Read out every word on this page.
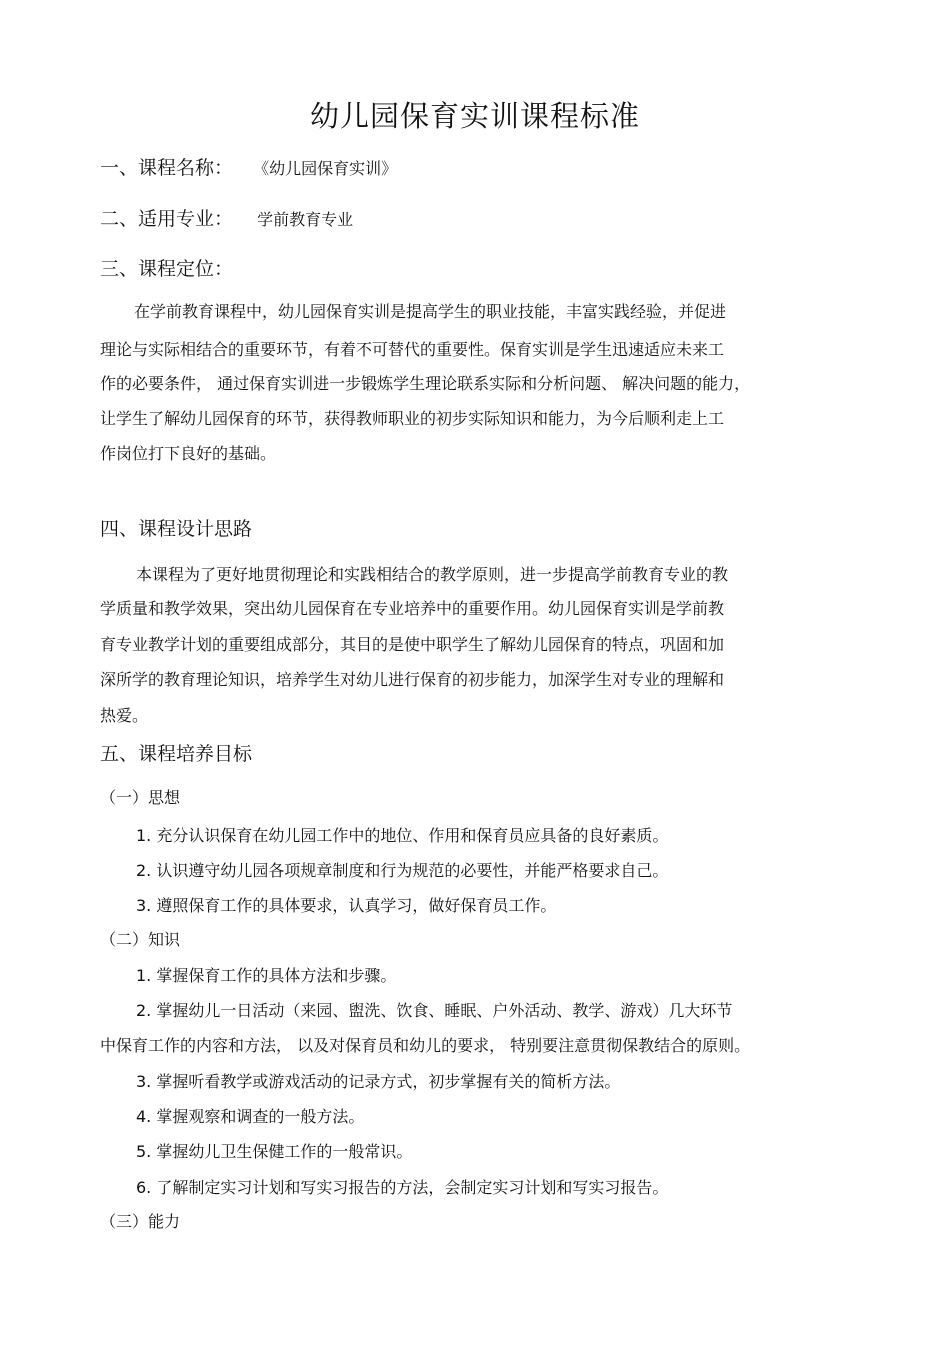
幼儿园保育实训课程标准
一、课程名称： 《幼儿园保育实训》
二、适用专业： 学前教育专业
三、课程定位：
在学前教育课程中，幼儿园保育实训是提高学生的职业技能，丰富实践经验，并促进
理论与实际相结合的重要环节，有着不可替代的重要性。保育实训是学生迅速适应未来工
作的必要条件， 通过保育实训进一步锻炼学生理论联系实际和分析问题、 解决问题的能力，
让学生了解幼儿园保育的环节，获得教师职业的初步实际知识和能力，为今后顺利走上工
作岗位打下良好的基础。
四、课程设计思路
本课程为了更好地贯彻理论和实践相结合的教学原则，进一步提高学前教育专业的教
学质量和教学效果，突出幼儿园保育在专业培养中的重要作用。幼儿园保育实训是学前教
育专业教学计划的重要组成部分，其目的是使中职学生了解幼儿园保育的特点，巩固和加
深所学的教育理论知识，培养学生对幼儿进行保育的初步能力，加深学生对专业的理解和
热爱。
五、课程培养目标
（一）思想
1. 充分认识保育在幼儿园工作中的地位、作用和保育员应具备的良好素质。
2. 认识遵守幼儿园各项规章制度和行为规范的必要性，并能严格要求自己。
3. 遵照保育工作的具体要求，认真学习，做好保育员工作。
（二）知识
1. 掌握保育工作的具体方法和步骤。
2. 掌握幼儿一日活动（来园、盥洗、饮食、睡眠、户外活动、教学、游戏）几大环节
中保育工作的内容和方法， 以及对保育员和幼儿的要求， 特别要注意贯彻保教结合的原则。
3. 掌握听看教学或游戏活动的记录方式，初步掌握有关的简析方法。
4. 掌握观察和调查的一般方法。
5. 掌握幼儿卫生保健工作的一般常识。
6. 了解制定实习计划和写实习报告的方法，会制定实习计划和写实习报告。
（三）能力
